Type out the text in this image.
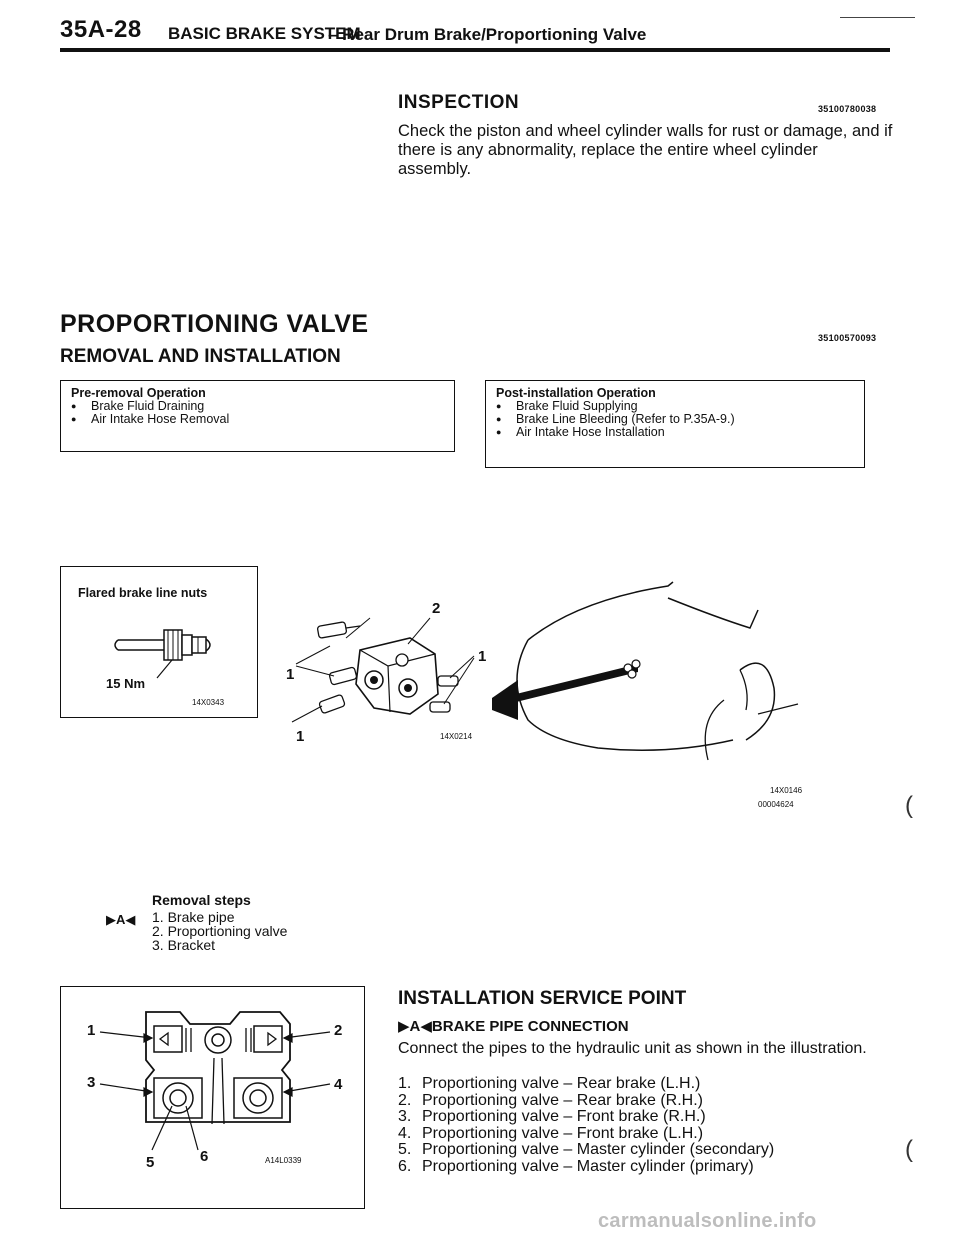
35A-28 BASIC BRAKE SYSTEM
– Rear Drum Brake/Proportioning Valve
INSPECTION	35100780038
Check the piston and wheel cylinder walls for rust or damage, and if there is any abnormality, replace the entire wheel cylinder assembly.
PROPORTIONING VALVE	35100570093
REMOVAL AND INSTALLATION
Pre-removal Operation
● Brake Fluid Draining
● Air Intake Hose Removal
Post-installation Operation
● Brake Fluid Supplying
● Brake Line Bleeding (Refer to P.35A-9.)
● Air Intake Hose Installation
Flared brake line nuts
15 Nm
14X0343
2
1
1
1	14X0214
14X0146
00004624	(
Removal steps
▶A◀ 1. Brake pipe
2. Proportioning valve
3. Bracket
1	2
3	4
5	6	A14L0339
INSTALLATION SERVICE POINT
▶A◀BRAKE PIPE CONNECTION
Connect the pipes to the hydraulic unit as shown in the illustration.
1. Proportioning valve – Rear brake (L.H.)
2. Proportioning valve – Rear brake (R.H.)
3. Proportioning valve – Front brake (R.H.)
4. Proportioning valve – Front brake (L.H.)
5. Proportioning valve – Master cylinder (secondary)
6. Proportioning valve – Master cylinder (primary)
(
carmanualsonline.info
